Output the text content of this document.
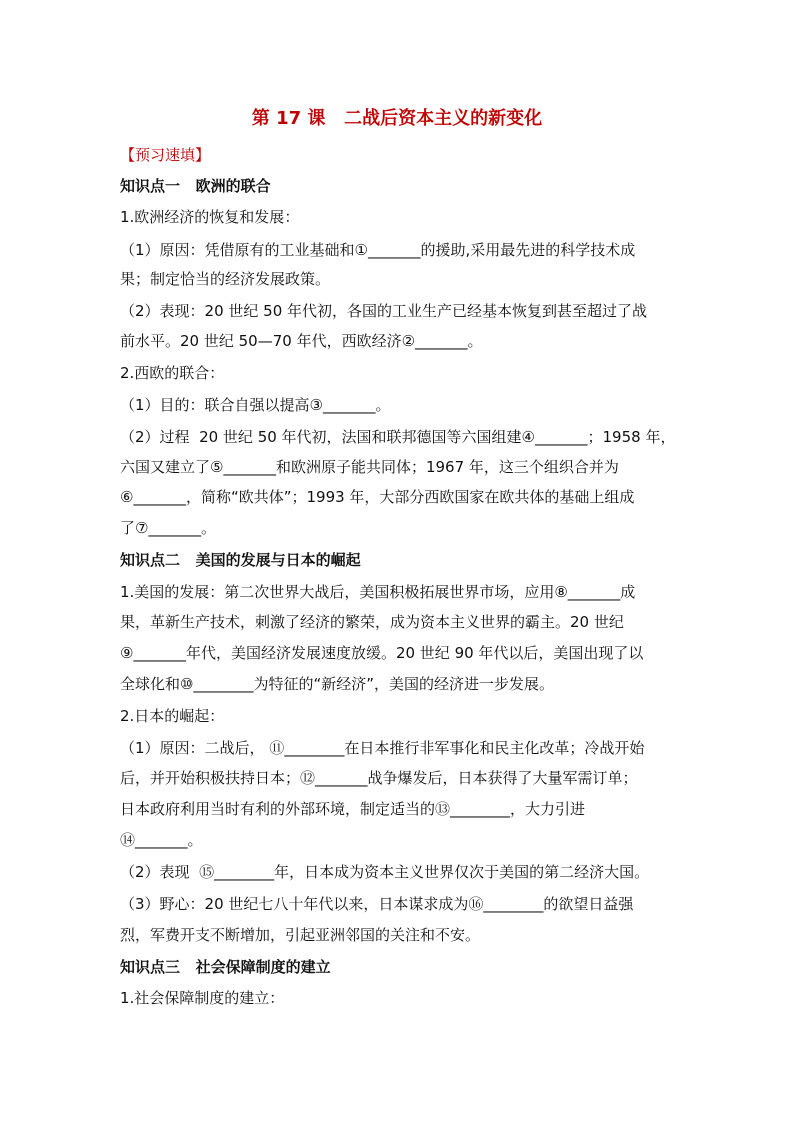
第 17 课   二战后资本主义的新变化
【预习速填】
知识点一   欧洲的联合
1.欧洲经济的恢复和发展：
（1）原因：凭借原有的工业基础和①_______的援助,采用最先进的科学技术成
果；制定恰当的经济发展政策。
（2）表现：20 世纪 50 年代初，各国的工业生产已经基本恢复到甚至超过了战
前水平。20 世纪 50—70 年代，西欧经济②_______。
2.西欧的联合：
（1）目的：联合自强以提高③_______。
（2）过程  20 世纪 50 年代初，法国和联邦德国等六国组建④_______；1958 年，
六国又建立了⑤_______和欧洲原子能共同体；1967 年，这三个组织合并为
⑥_______，简称“欧共体”；1993 年，大部分西欧国家在欧共体的基础上组成
了⑦_______。
知识点二   美国的发展与日本的崛起
1.美国的发展：第二次世界大战后，美国积极拓展世界市场，应用⑧_______成
果，革新生产技术，刺激了经济的繁荣，成为资本主义世界的霸主。20 世纪
⑨_______年代，美国经济发展速度放缓。20 世纪 90 年代以后，美国出现了以
全球化和⑩________为特征的“新经济”，美国的经济进一步发展。
2.日本的崛起：
（1）原因：二战后， ⑪________在日本推行非军事化和民主化改革；冷战开始
后，并开始积极扶持日本；⑫_______战争爆发后，日本获得了大量军需订单；
日本政府利用当时有利的外部环境，制定适当的⑬________，大力引进
⑭_______。
（2）表现  ⑮________年，日本成为资本主义世界仅次于美国的第二经济大国。
（3）野心：20 世纪七八十年代以来，日本谋求成为⑯________的欲望日益强
烈，军费开支不断增加，引起亚洲邻国的关注和不安。
知识点三   社会保障制度的建立
1.社会保障制度的建立：
